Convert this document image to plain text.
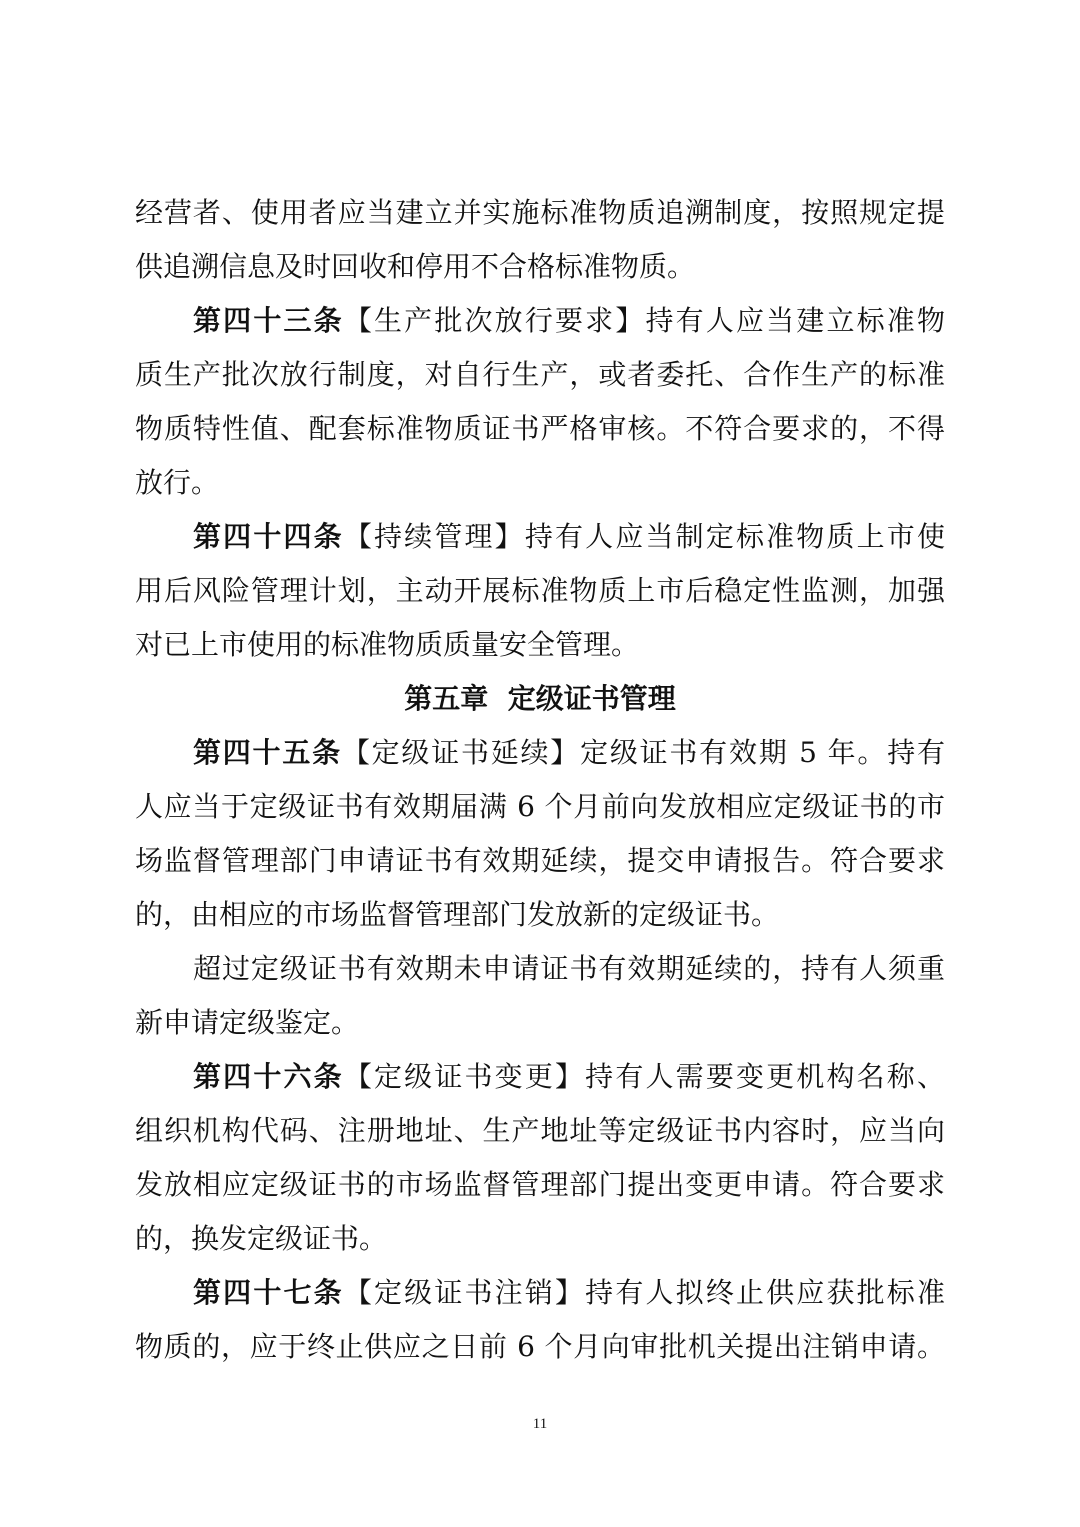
经营者、使用者应当建立并实施标准物质追溯制度，按照规定提
供追溯信息及时回收和停用不合格标准物质。
第四十三条【生产批次放行要求】持有人应当建立标准物
质生产批次放行制度，对自行生产，或者委托、合作生产的标准
物质特性值、配套标准物质证书严格审核。不符合要求的，不得
放行。
第四十四条【持续管理】持有人应当制定标准物质上市使
用后风险管理计划，主动开展标准物质上市后稳定性监测，加强
对已上市使用的标准物质质量安全管理。
第五章  定级证书管理
第四十五条【定级证书延续】定级证书有效期 5 年。持有
人应当于定级证书有效期届满 6 个月前向发放相应定级证书的市
场监督管理部门申请证书有效期延续，提交申请报告。符合要求
的，由相应的市场监督管理部门发放新的定级证书。
超过定级证书有效期未申请证书有效期延续的，持有人须重
新申请定级鉴定。
第四十六条【定级证书变更】持有人需要变更机构名称、
组织机构代码、注册地址、生产地址等定级证书内容时，应当向
发放相应定级证书的市场监督管理部门提出变更申请。符合要求
的，换发定级证书。
第四十七条【定级证书注销】持有人拟终止供应获批标准
物质的，应于终止供应之日前 6 个月向审批机关提出注销申请。
11
